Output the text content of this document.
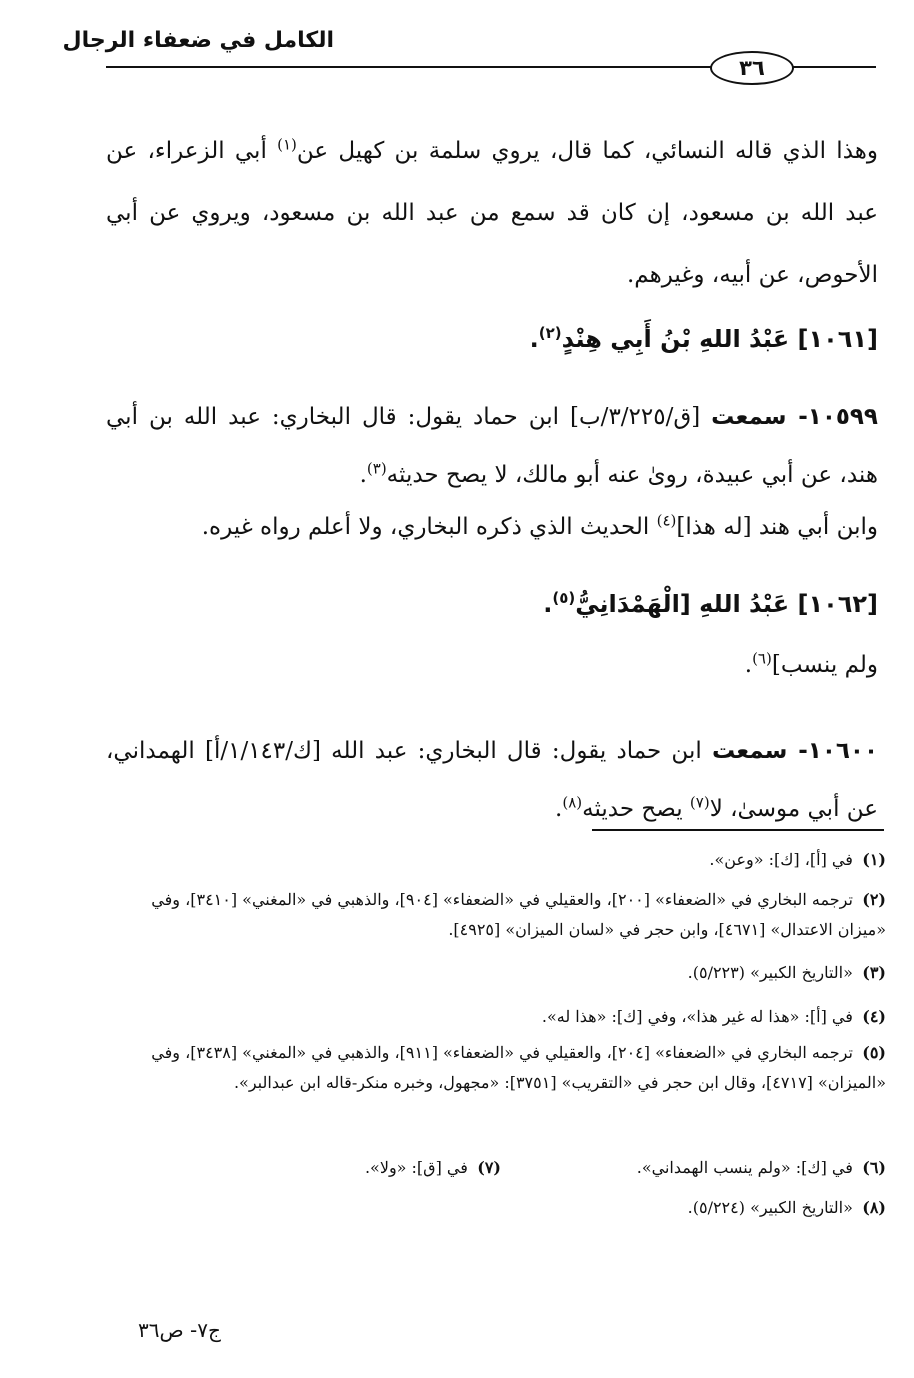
الكامل في ضعفاء الرجال
٣٦
وهذا الذي قاله النسائي، كما قال، يروي سلمة بن كهيل عن$^{(١)}$ أبي الزعراء، عن عبد الله بن مسعود، إن كان قد سمع من عبد الله بن مسعود، ويروي عن أبي الأحوص، عن أبيه، وغيرهم.
[١٠٦١] عَبْدُ اللهِ بْنُ أَبِي هِنْدٍ$^{(٢)}$.
١٠٥٩٩- سمعت [ق/٣/٢٢٥/ب] ابن حماد يقول: قال البخاري: عبد الله بن أبي هند، عن أبي عبيدة، روىٰ عنه أبو مالك، لا يصح حديثه$^{(٣)}$.
وابن أبي هند [له هذا]$^{(٤)}$ الحديث الذي ذكره البخاري، ولا أعلم رواه غيره.
[١٠٦٢] عَبْدُ اللهِ [الْهَمْدَانِيُّ$^{(٥)}$.
ولم ينسب]$^{(٦)}$.
١٠٦٠٠- سمعت ابن حماد يقول: قال البخاري: عبد الله [ك/١/١٤٣/أ] الهمداني، عن أبي موسىٰ، لا$^{(٧)}$ يصح حديثه$^{(٨)}$.
(١) في [أ]، [ك]: «وعن».
(٢) ترجمه البخاري في «الضعفاء» [٢٠٠]، والعقيلي في «الضعفاء» [٩٠٤]، والذهبي في «المغني» [٣٤١٠]، وفي «ميزان الاعتدال» [٤٦٧١]، وابن حجر في «لسان الميزان» [٤٩٢٥].
(٣) «التاريخ الكبير» (٥/٢٢٣).
(٤) في [أ]: «هذا له غير هذا»، وفي [ك]: «هذا له».
(٥) ترجمه البخاري في «الضعفاء» [٢٠٤]، والعقيلي في «الضعفاء» [٩١١]، والذهبي في «المغني» [٣٤٣٨]، وفي «الميزان» [٤٧١٧]، وقال ابن حجر في «التقريب» [٣٧٥١]: «مجهول، وخبره منكر-قاله ابن عبدالبر».
(٦) في [ك]: «ولم ينسب الهمداني».
(٧) في [ق]: «ولا».
(٨) «التاريخ الكبير» (٥/٢٢٤).
ج٧- ص٣٦
